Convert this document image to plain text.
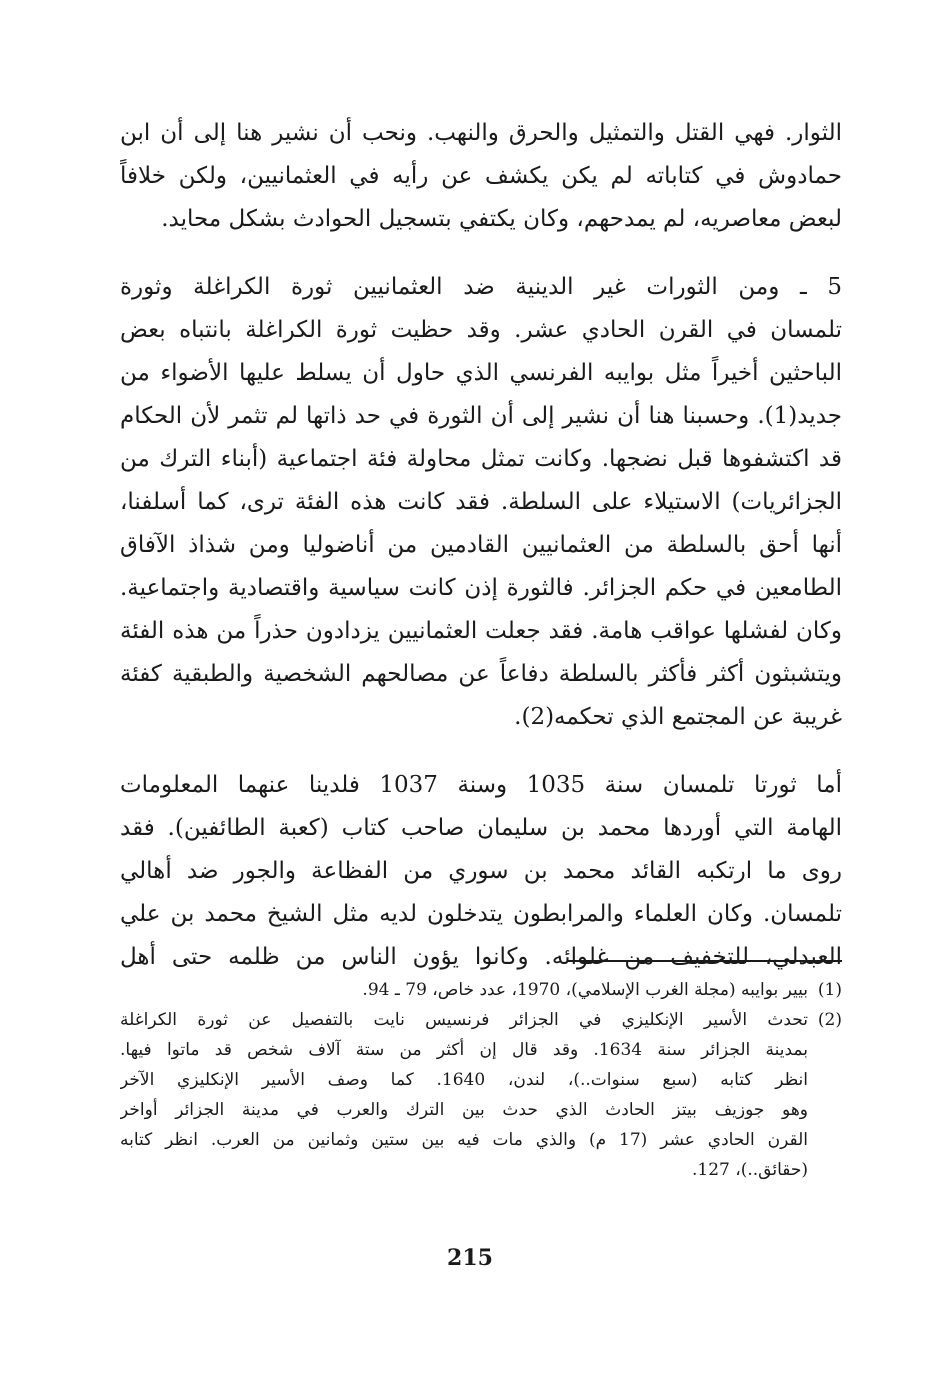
الثوار. فهي القتل والتمثيل والحرق والنهب. ونحب أن نشير هنا إلى أن ابن
حمادوش في كتاباته لم يكن يكشف عن رأيه في العثمانيين، ولكن خلافاً
لبعض معاصريه، لم يمدحهم، وكان يكتفي بتسجيل الحوادث بشكل محايد.
5 ـ ومن الثورات غير الدينية ضد العثمانيين ثورة الكراغلة وثورة
تلمسان في القرن الحادي عشر. وقد حظيت ثورة الكراغلة بانتباه بعض
الباحثين أخيراً مثل بوايبه الفرنسي الذي حاول أن يسلط عليها الأضواء من
جديد(1). وحسبنا هنا أن نشير إلى أن الثورة في حد ذاتها لم تثمر لأن الحكام
قد اكتشفوها قبل نضجها. وكانت تمثل محاولة فئة اجتماعية (أبناء الترك من
الجزائريات) الاستيلاء على السلطة. فقد كانت هذه الفئة ترى، كما أسلفنا،
أنها أحق بالسلطة من العثمانيين القادمين من أناضوليا ومن شذاذ الآفاق
الطامعين في حكم الجزائر. فالثورة إذن كانت سياسية واقتصادية واجتماعية.
وكان لفشلها عواقب هامة. فقد جعلت العثمانيين يزدادون حذراً من هذه الفئة
ويتشبثون أكثر فأكثر بالسلطة دفاعاً عن مصالحهم الشخصية والطبقية كفئة
غريبة عن المجتمع الذي تحكمه(2).
أما ثورتا تلمسان سنة 1035 وسنة 1037 فلدينا عنهما المعلومات
الهامة التي أوردها محمد بن سليمان صاحب كتاب (كعبة الطائفين). فقد
روى ما ارتكبه القائد محمد بن سوري من الفظاعة والجور ضد أهالي
تلمسان. وكان العلماء والمرابطون يتدخلون لديه مثل الشيخ محمد بن علي
العبدلي، للتخفيف من غلوائه. وكانوا يؤون الناس من ظلمه حتى أهل
(1)بيير بوايبه (مجلة الغرب الإسلامي)، 1970، عدد خاص، 79 ـ 94.
(2)تحدث الأسير الإنكليزي في الجزائر فرنسيس نايت بالتفصيل عن ثورة الكراغلة
بمدينة الجزائر سنة 1634. وقد قال إن أكثر من ستة آلاف شخص قد ماتوا فيها.
انظر كتابه (سبع سنوات..)، لندن، 1640. كما وصف الأسير الإنكليزي الآخر
وهو جوزيف بيتز الحادث الذي حدث بين الترك والعرب في مدينة الجزائر أواخر
القرن الحادي عشر (17 م) والذي مات فيه بين ستين وثمانين من العرب. انظر كتابه
(حقائق..)، 127.
215
